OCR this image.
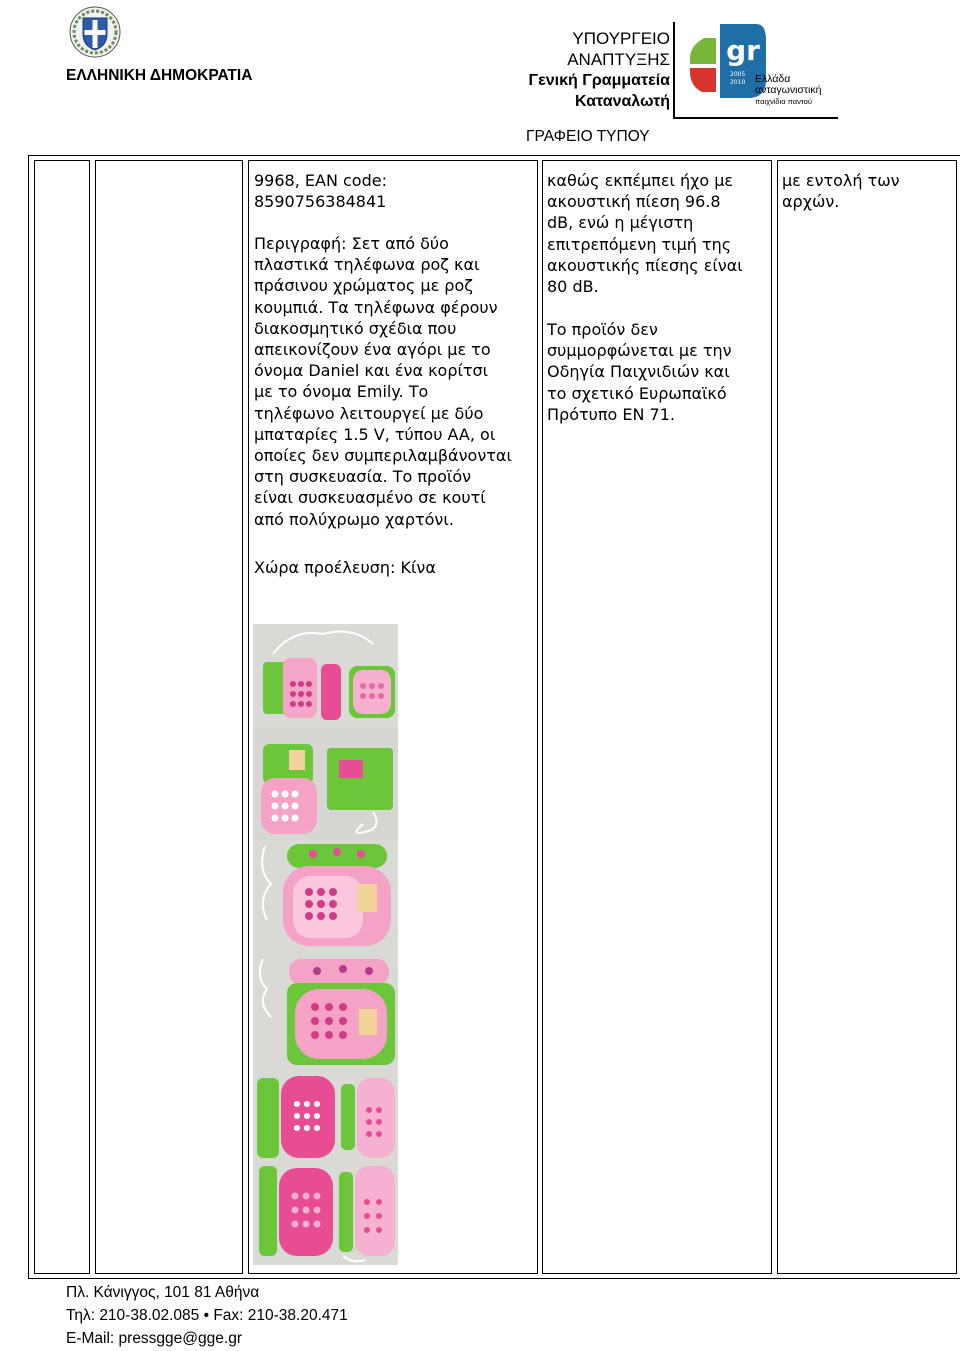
ΕΛΛΗΝΙΚΗ ΔΗΜΟΚΡΑΤΙΑ
ΥΠΟΥΡΓΕΙΟ
ΑΝΑΠΤΥΞΗΣ
Γενική Γραμματεία
Καταναλωτή
gr
2005
2010 Ελλάδα
ανταγωνιστική
παιχνίδια παντού
ΓΡΑΦΕΙΟ ΤΥΠΟΥ
9968, EAN code:
8590756384841
Περιγραφή: Σετ από δύο
πλαστικά τηλέφωνα ροζ και
πράσινου χρώματος με ροζ
κουμπιά. Τα τηλέφωνα φέρουν
διακοσμητικό σχέδια που
απεικονίζουν ένα αγόρι με το
όνομα Daniel και ένα κορίτσι
με το όνομα Emily. Το
τηλέφωνο λειτουργεί με δύο
μπαταρίες 1.5 V, τύπου AA, οι
οποίες δεν συμπεριλαμβάνονται
στη συσκευασία. Το προϊόν
είναι συσκευασμένο σε κουτί
από πολύχρωμο χαρτόνι.
Χώρα προέλευση: Κίνα
καθώς εκπέμπει ήχο με
ακουστική πίεση 96.8
dB, ενώ η μέγιστη
επιτρεπόμενη τιμή της
ακουστικής πίεσης είναι
80 dB.
Το προϊόν δεν
συμμορφώνεται με την
Οδηγία Παιχνιδιών και
το σχετικό Ευρωπαϊκό
Πρότυπο EN 71.
με εντολή των
αρχών.
Πλ. Κάνιγγος, 101 81 Αθήνα
Τηλ: 210-38.02.085 • Fax: 210-38.20.471
E-Mail: pressgge@gge.gr
